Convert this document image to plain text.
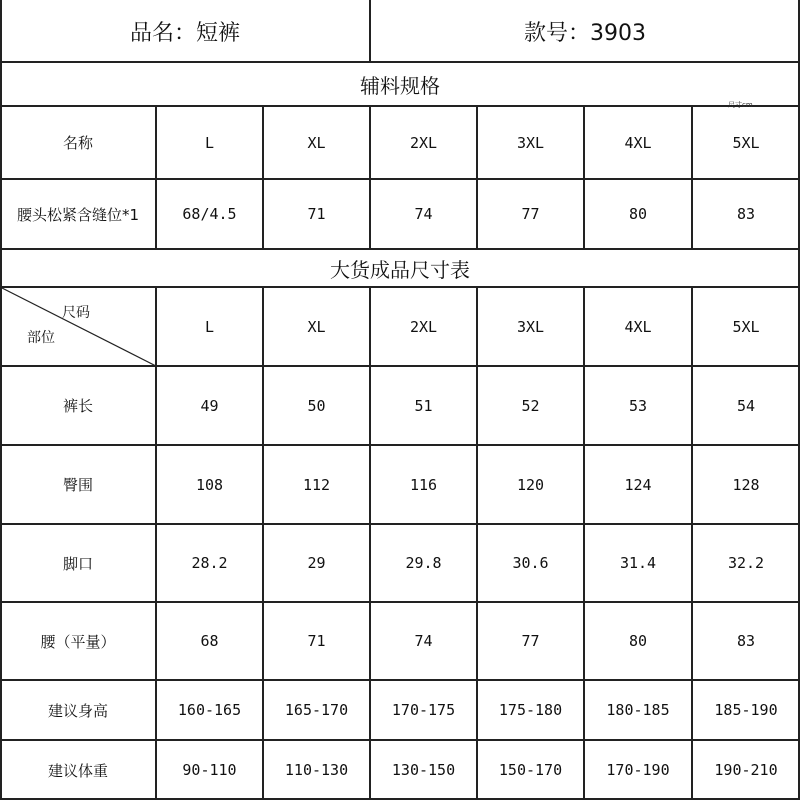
品名：短裤	款号：3903
辅料规格
尺寸cm
名称	L	XL	2XL	3XL	4XL	5XL
腰头松紧含缝位*1	68/4.5	71	74	77	80	83
大货成品尺寸表
尺码
部位
L	XL	2XL	3XL	4XL	5XL
裤长	49	50	51	52	53	54
臀围	108	112	116	120	124	128
脚口	28.2	29	29.8	30.6	31.4	32.2
腰（平量）	68	71	74	77	80	83
建议身高	160-165	165-170	170-175	175-180	180-185	185-190
建议体重	90-110	110-130	130-150	150-170	170-190	190-210
